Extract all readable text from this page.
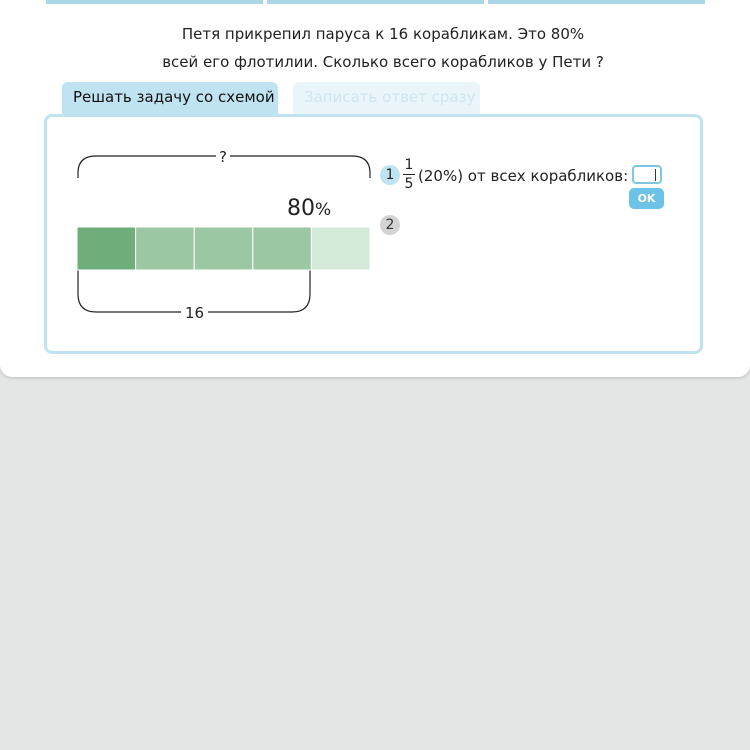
Петя прикрепил паруса к 16 корабликам. Это 80%
всей его флотилии. Сколько всего корабликов у Пети ?
Решать задачу со схемой	Записать ответ сразу
?
16
80%
1
1
5 (20%) от всех корабликов:
OK
2
